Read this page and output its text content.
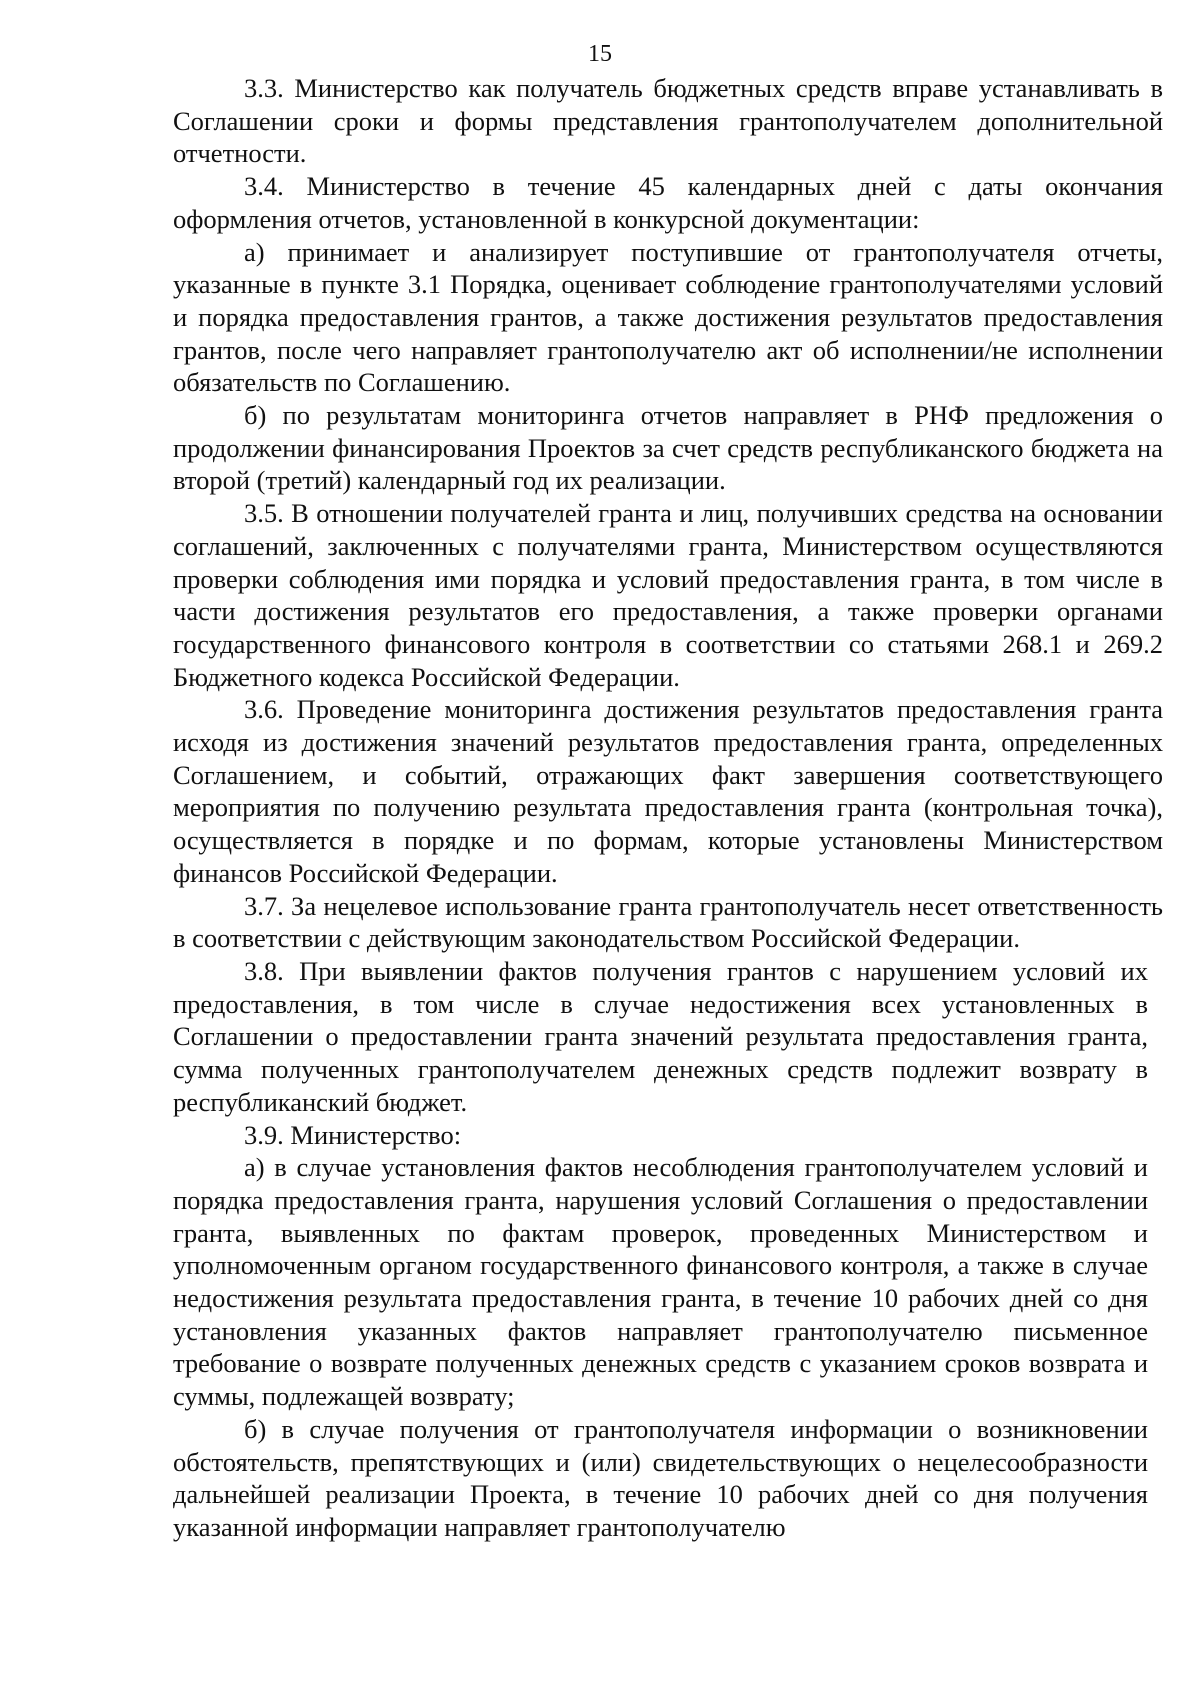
15

3.3. Министерство как получатель бюджетных средств вправе устанавливать в Соглашении сроки и формы представления грантополучателем дополнительной отчетности.

3.4. Министерство в течение 45 календарных дней с даты окончания оформления отчетов, установленной в конкурсной документации:

а) принимает и анализирует поступившие от грантополучателя отчеты, указанные в пункте 3.1 Порядка, оценивает соблюдение грантополучателями условий и порядка предоставления грантов, а также достижения результатов предоставления грантов, после чего направляет грантополучателю акт об исполнении/не исполнении обязательств по Соглашению.

б) по результатам мониторинга отчетов направляет в РНФ предложения о продолжении финансирования Проектов за счет средств республиканского бюджета на второй (третий) календарный год их реализации.

3.5. В отношении получателей гранта и лиц, получивших средства на основании соглашений, заключенных с получателями гранта, Министерством осуществляются проверки соблюдения ими порядка и условий предоставления гранта, в том числе в части достижения результатов его предоставления, а также проверки органами государственного финансового контроля в соответствии со статьями 268.1 и 269.2 Бюджетного кодекса Российской Федерации.

3.6. Проведение мониторинга достижения результатов предоставления гранта исходя из достижения значений результатов предоставления гранта, определенных Соглашением, и событий, отражающих факт завершения соответствующего мероприятия по получению результата предоставления гранта (контрольная точка), осуществляется в порядке и по формам, которые установлены Министерством финансов Российской Федерации.

3.7. За нецелевое использование гранта грантополучатель несет ответственность в соответствии с действующим законодательством Российской Федерации.

3.8. При выявлении фактов получения грантов с нарушением условий их предоставления, в том числе в случае недостижения всех установленных в Соглашении о предоставлении гранта значений результата предоставления гранта, сумма полученных грантополучателем денежных средств подлежит возврату в республиканский бюджет.

3.9. Министерство:

а) в случае установления фактов несоблюдения грантополучателем условий и порядка предоставления гранта, нарушения условий Соглашения о предоставлении гранта, выявленных по фактам проверок, проведенных Министерством и уполномоченным органом государственного финансового контроля, а также в случае недостижения результата предоставления гранта, в течение 10 рабочих дней со дня установления указанных фактов направляет грантополучателю письменное требование о возврате полученных денежных средств с указанием сроков возврата и суммы, подлежащей возврату;

б) в случае получения от грантополучателя информации о возникновении обстоятельств, препятствующих и (или) свидетельствующих о нецелесообразности дальнейшей реализации Проекта, в течение 10 рабочих дней со дня получения указанной информации направляет грантополучателю
